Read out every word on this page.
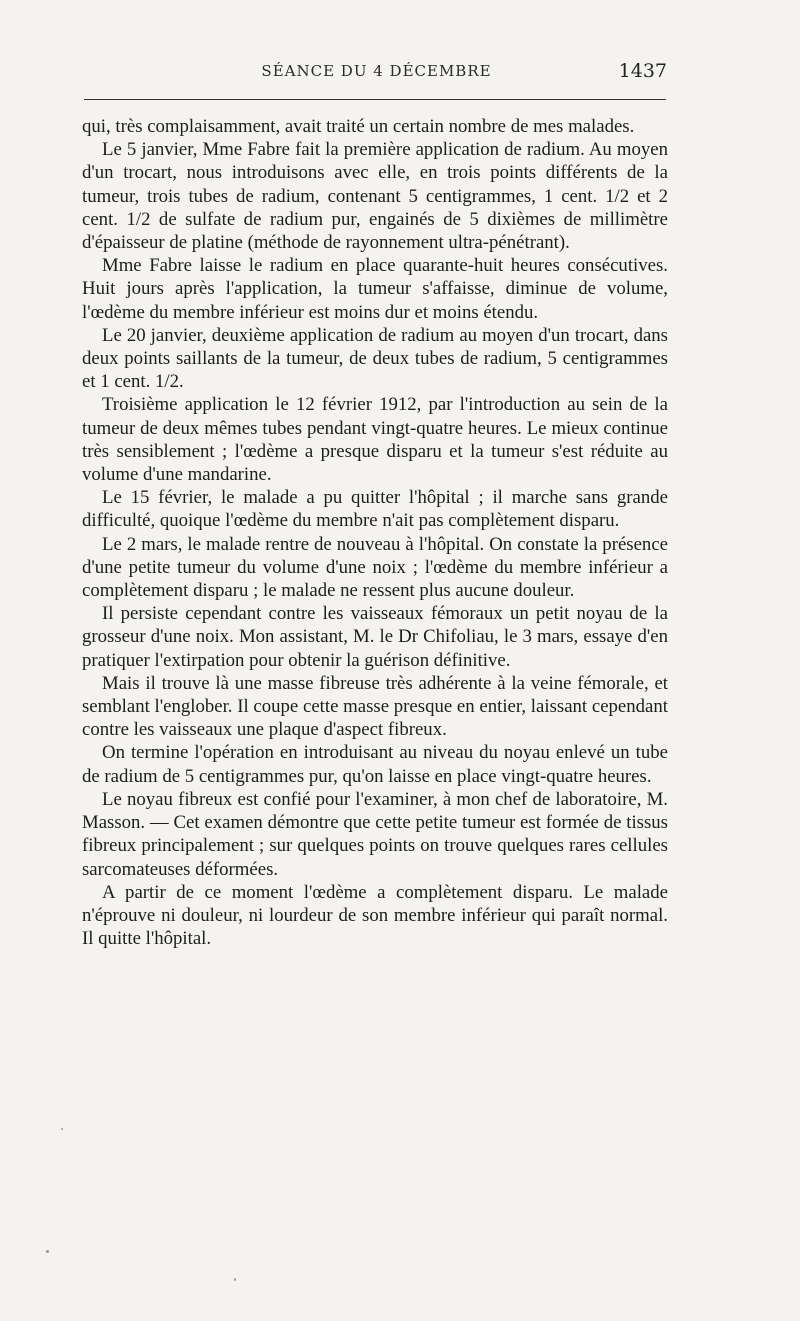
SÉANCE DU 4 DÉCEMBRE	1437

qui, très complaisamment, avait traité un certain nombre de mes malades.

Le 5 janvier, Mme Fabre fait la première application de radium. Au moyen d'un trocart, nous introduisons avec elle, en trois points différents de la tumeur, trois tubes de radium, contenant 5 centigrammes, 1 cent. 1/2 et 2 cent. 1/2 de sulfate de radium pur, engainés de 5 dixièmes de millimètre d'épaisseur de platine (méthode de rayonnement ultra-pénétrant).

Mme Fabre laisse le radium en place quarante-huit heures consécutives. Huit jours après l'application, la tumeur s'affaisse, diminue de volume, l'œdème du membre inférieur est moins dur et moins étendu.

Le 20 janvier, deuxième application de radium au moyen d'un trocart, dans deux points saillants de la tumeur, de deux tubes de radium, 5 centigrammes et 1 cent. 1/2.

Troisième application le 12 février 1912, par l'introduction au sein de la tumeur de deux mêmes tubes pendant vingt-quatre heures. Le mieux continue très sensiblement ; l'œdème a presque disparu et la tumeur s'est réduite au volume d'une mandarine.

Le 15 février, le malade a pu quitter l'hôpital ; il marche sans grande difficulté, quoique l'œdème du membre n'ait pas complètement disparu.

Le 2 mars, le malade rentre de nouveau à l'hôpital. On constate la présence d'une petite tumeur du volume d'une noix ; l'œdème du membre inférieur a complètement disparu ; le malade ne ressent plus aucune douleur.

Il persiste cependant contre les vaisseaux fémoraux un petit noyau de la grosseur d'une noix. Mon assistant, M. le Dr Chifoliau, le 3 mars, essaye d'en pratiquer l'extirpation pour obtenir la guérison définitive.

Mais il trouve là une masse fibreuse très adhérente à la veine fémorale, et semblant l'englober. Il coupe cette masse presque en entier, laissant cependant contre les vaisseaux une plaque d'aspect fibreux.

On termine l'opération en introduisant au niveau du noyau enlevé un tube de radium de 5 centigrammes pur, qu'on laisse en place vingt-quatre heures.

Le noyau fibreux est confié pour l'examiner, à mon chef de laboratoire, M. Masson. — Cet examen démontre que cette petite tumeur est formée de tissus fibreux principalement ; sur quelques points on trouve quelques rares cellules sarcomateuses déformées.

A partir de ce moment l'œdème a complètement disparu. Le malade n'éprouve ni douleur, ni lourdeur de son membre inférieur qui paraît normal. Il quitte l'hôpital.
